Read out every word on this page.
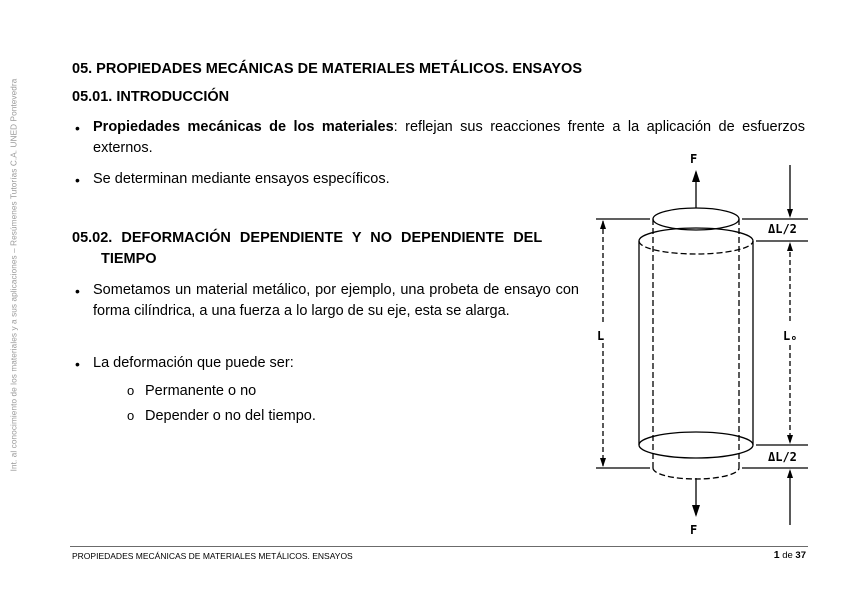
Int. al conocimiento de los materiales y a sus aplicaciones – Resúmenes Tutorías C.A. UNED Pontevedra
05. PROPIEDADES MECÁNICAS DE MATERIALES METÁLICOS. ENSAYOS
05.01. INTRODUCCIÓN
• Propiedades mecánicas de los materiales: reflejan sus reacciones frente a la aplicación de esfuerzos externos.
• Se determinan mediante ensayos específicos.
05.02. DEFORMACIÓN DEPENDIENTE Y NO DEPENDIENTE DEL
TIEMPO
• Sometamos un material metálico, por ejemplo, una probeta de ensayo con forma cilíndrica, a una fuerza a lo largo de su eje, esta se alarga.
• La deformación que puede ser:
o Permanente o no
o Depender o no del tiempo.
F
F
ΔL/2
ΔL/2
L	Lₒ
PROPIEDADES MECÁNICAS DE MATERIALES METÁLICOS. ENSAYOS	1 de 37
